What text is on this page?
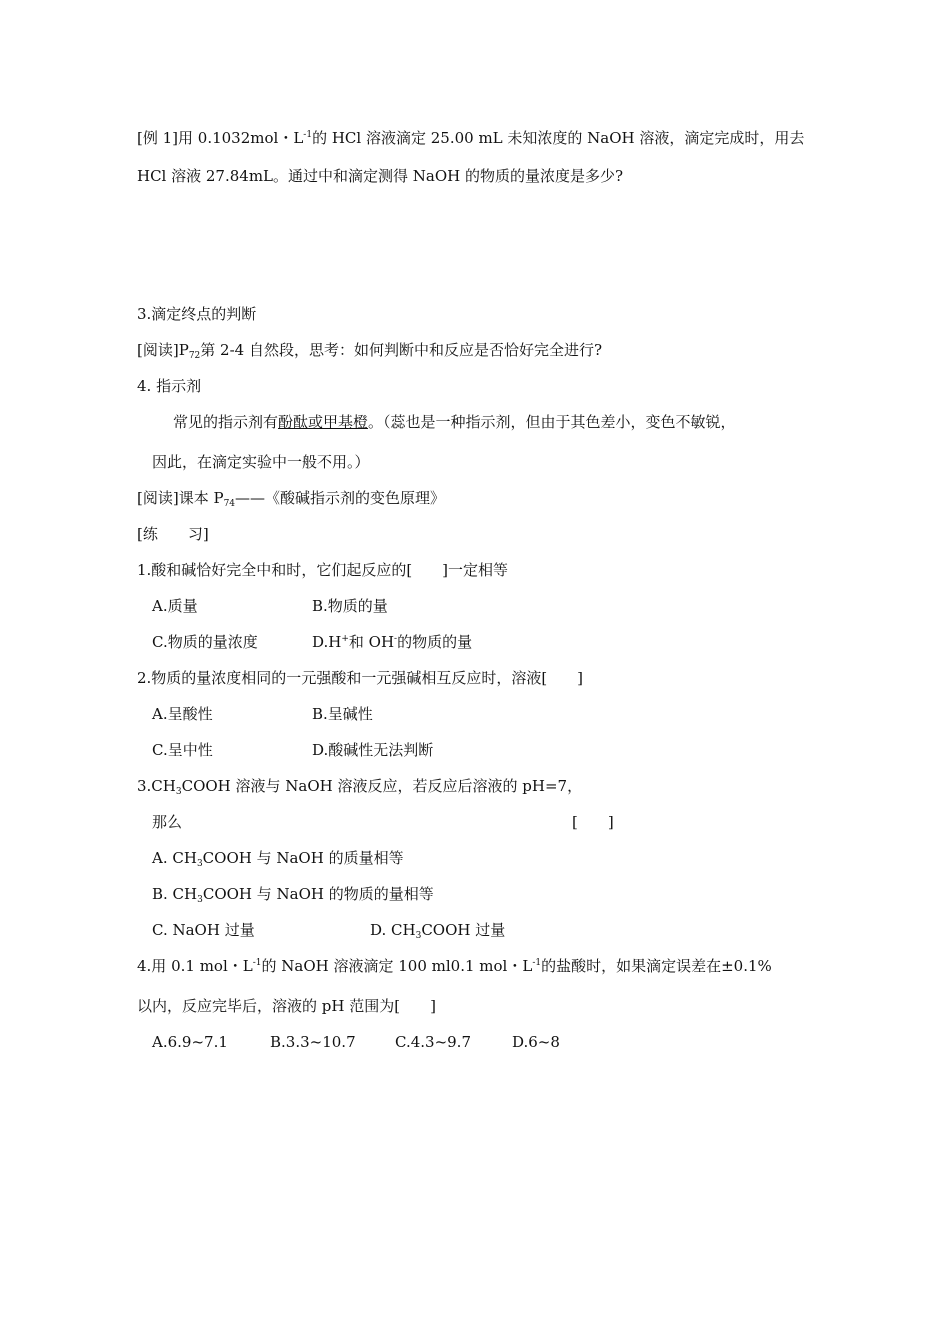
[例 1]用 0.1032mol・$L^{-1}$的 HCl 溶液滴定 25.00 mL 未知浓度的 NaOH 溶液，滴定完成时，用去
HCl 溶液 27.84mL。通过中和滴定测得 NaOH 的物质的量浓度是多少?
3.滴定终点的判断
[阅读]$P_{72}$第 2-4 自然段，思考：如何判断中和反应是否恰好完全进行?
4. 指示剂
常见的指示剂有酚酞或甲基橙。（蕊也是一种指示剂，但由于其色差小，变色不敏锐，
因此，在滴定实验中一般不用。）
[阅读]课本 $P_{74}——$《酸碱指示剂的变色原理》
[练　　习]
1.酸和碱恰好完全中和时，它们起反应的[　　]一定相等
A.质量	B.物质的量
C.物质的量浓度	D.H+和 OH-的物质的量
2.物质的量浓度相同的一元强酸和一元强碱相互反应时，溶液[　　]
A.呈酸性	B.呈碱性
C.呈中性	D.酸碱性无法判断
$3.CH_3COOH$ 溶液与 NaOH 溶液反应，若反应后溶液的 pH=7，
那么	[　　]
A. $CH_3COOH$ 与 NaOH 的质量相等
B. $CH_3COOH$ 与 NaOH 的物质的量相等
C. NaOH 过量	D. $CH_3COOH$ 过量
4.用 0.1 mol・$L^{-1}$的 NaOH 溶液滴定 100 ml0.1 mol・$L^{-1}$的盐酸时，如果滴定误差在±0.1%
以内，反应完毕后，溶液的 pH 范围为[　　]
A.6.9~7.1	B.3.3~10.7	C.4.3~9.7	D.6~8
